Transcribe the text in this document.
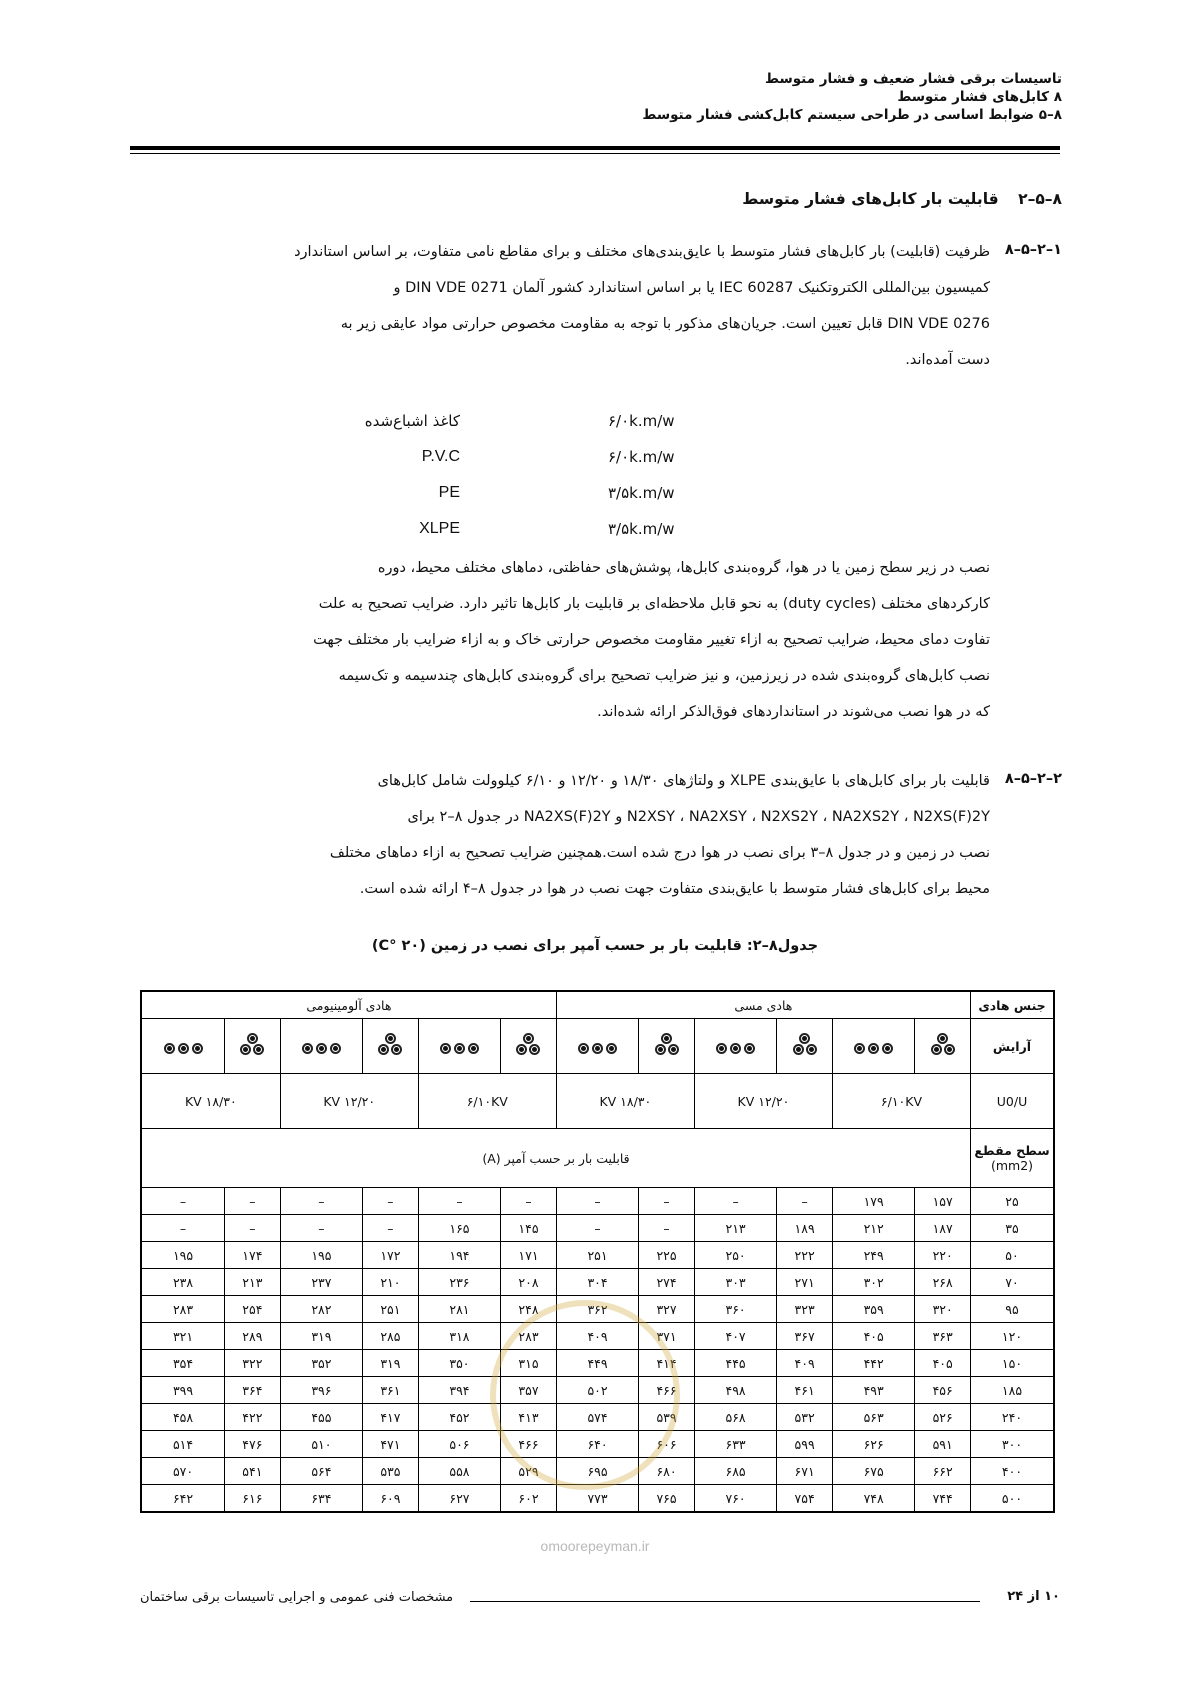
تاسیسات برقی فشار ضعیف و فشار متوسط
۸ کابل‌های فشار متوسط
۸–۵ ضوابط اساسی در طراحی سیستم کابل‌کشی فشار متوسط
۸–۵–۲ قابلیت بار کابل‌های فشار متوسط
۸–۵–۲–۱
ظرفیت (قابلیت) بار کابل‌های فشار متوسط با عایق‌بندی‌های مختلف و برای مقاطع نامی متفاوت، بر اساس استاندارد
کمیسیون بین‌المللی الکتروتکنیک IEC 60287 یا بر اساس استاندارد کشور آلمان DIN VDE 0271 و
DIN VDE 0276 قابل تعیین است. جریان‌های مذکور با توجه به مقاومت مخصوص حرارتی مواد عایقی زیر به
دست آمده‌اند.
کاغذ اشباع‌شده	۶/۰k.m/w
P.V.C	۶/۰k.m/w
PE	۳/۵k.m/w
XLPE	۳/۵k.m/w
نصب در زیر سطح زمین یا در هوا، گروه‌بندی کابل‌ها، پوشش‌های حفاظتی، دماهای مختلف محیط، دوره
کارکردهای مختلف (duty cycles) به نحو قابل ملاحظه‌ای بر قابلیت بار کابل‌ها تاثیر دارد. ضرایب تصحیح به علت
تفاوت دمای محیط، ضرایب تصحیح به ازاء تغییر مقاومت مخصوص حرارتی خاک و به ازاء ضرایب بار مختلف جهت
نصب کابل‌های گروه‌بندی شده در زیرزمین، و نیز ضرایب تصحیح برای گروه‌بندی کابل‌های چندسیمه و تک‌سیمه
که در هوا نصب می‌شوند در استانداردهای فوق‌الذکر ارائه شده‌اند.
۸–۵–۲–۲
قابلیت بار برای کابل‌های با عایق‌بندی XLPE و ولتاژهای ۱۸/۳۰ و ۱۲/۲۰ و ۶/۱۰ کیلوولت شامل کابل‌های
N2XSY ، NA2XSY ، N2XS2Y ، NA2XS2Y ، N2XS(F)2Y و NA2XS(F)2Y در جدول ۸–۲ برای
نصب در زمین و در جدول ۸–۳ برای نصب در هوا درج شده است.همچنین ضرایب تصحیح به ازاء دماهای مختلف
محیط برای کابل‌های فشار متوسط با عایق‌بندی متفاوت جهت نصب در هوا در جدول ۸–۴ ارائه شده است.
جدول۸–۲: قابلیت بار بر حسب آمپر برای نصب در زمین (۲۰ °C)
جنس هادی	هادی مسی						هادی آلومینیومی					
آرایش	

U0/U	۶/۱۰KV		۱۲/۲۰ KV		۱۸/۳۰ KV		۶/۱۰KV		۱۲/۲۰ KV		۱۸/۳۰ KV	

سطح مقطع
(mm2)	قابلیت بار بر حسب آمپر (A)											
۲۵	۱۵۷	۱۷۹	–	–	–	–	–	–	–	–	–	–
۳۵	۱۸۷	۲۱۲	۱۸۹	۲۱۳	–	–	۱۴۵	۱۶۵	–	–	–	–
۵۰	۲۲۰	۲۴۹	۲۲۲	۲۵۰	۲۲۵	۲۵۱	۱۷۱	۱۹۴	۱۷۲	۱۹۵	۱۷۴	۱۹۵
۷۰	۲۶۸	۳۰۲	۲۷۱	۳۰۳	۲۷۴	۳۰۴	۲۰۸	۲۳۶	۲۱۰	۲۳۷	۲۱۳	۲۳۸
۹۵	۳۲۰	۳۵۹	۳۲۳	۳۶۰	۳۲۷	۳۶۲	۲۴۸	۲۸۱	۲۵۱	۲۸۲	۲۵۴	۲۸۳
۱۲۰	۳۶۳	۴۰۵	۳۶۷	۴۰۷	۳۷۱	۴۰۹	۲۸۳	۳۱۸	۲۸۵	۳۱۹	۲۸۹	۳۲۱
۱۵۰	۴۰۵	۴۴۲	۴۰۹	۴۴۵	۴۱۴	۴۴۹	۳۱۵	۳۵۰	۳۱۹	۳۵۲	۳۲۲	۳۵۴
۱۸۵	۴۵۶	۴۹۳	۴۶۱	۴۹۸	۴۶۶	۵۰۲	۳۵۷	۳۹۴	۳۶۱	۳۹۶	۳۶۴	۳۹۹
۲۴۰	۵۲۶	۵۶۳	۵۳۲	۵۶۸	۵۳۹	۵۷۴	۴۱۳	۴۵۲	۴۱۷	۴۵۵	۴۲۲	۴۵۸
۳۰۰	۵۹۱	۶۲۶	۵۹۹	۶۳۳	۶۰۶	۶۴۰	۴۶۶	۵۰۶	۴۷۱	۵۱۰	۴۷۶	۵۱۴
۴۰۰	۶۶۲	۶۷۵	۶۷۱	۶۸۵	۶۸۰	۶۹۵	۵۲۹	۵۵۸	۵۳۵	۵۶۴	۵۴۱	۵۷۰
۵۰۰	۷۴۴	۷۴۸	۷۵۴	۷۶۰	۷۶۵	۷۷۳	۶۰۲	۶۲۷	۶۰۹	۶۳۴	۶۱۶	۶۴۲
omoorepeyman.ir
۱۰ از ۲۴
مشخصات فنی عمومی و اجرایی تاسیسات برقی ساختمان
